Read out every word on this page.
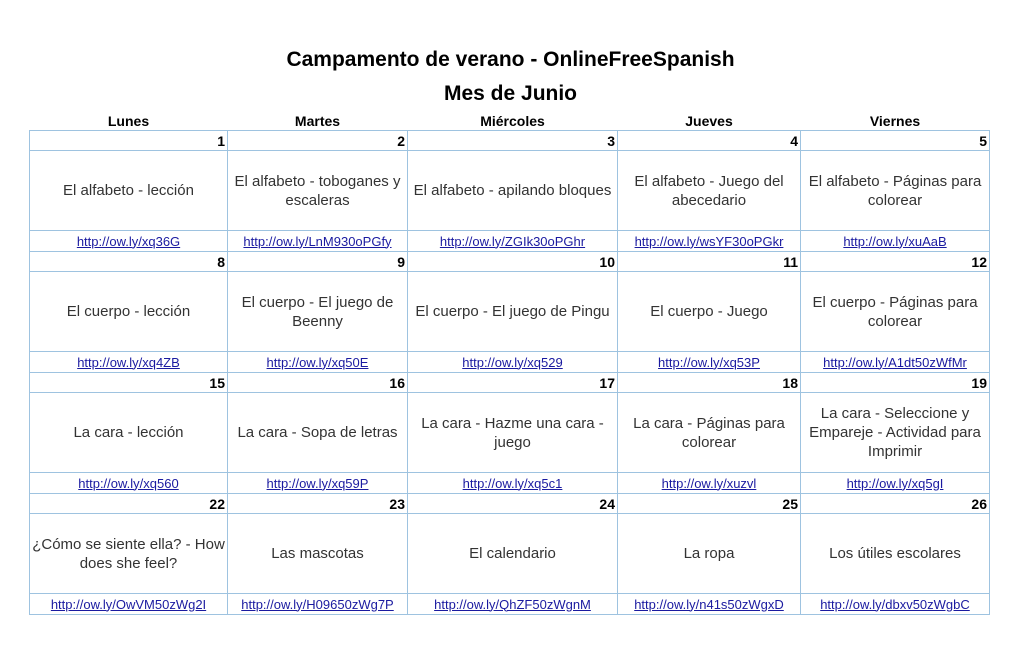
Campamento de verano - OnlineFreeSpanish
Mes de Junio
Lunes	Martes	Miércoles	Jueves	Viernes
1	2	3	4	5
El alfabeto - lección	El alfabeto - toboganes y escaleras	El alfabeto - apilando bloques	El alfabeto - Juego del abecedario	El alfabeto - Páginas para colorear
http://ow.ly/xq36G	http://ow.ly/LnM930oPGfy	http://ow.ly/ZGIk30oPGhr	http://ow.ly/wsYF30oPGkr	http://ow.ly/xuAaB
8	9	10	11	12
El cuerpo - lección	El cuerpo - El juego de Beenny	El cuerpo - El juego de Pingu	El cuerpo - Juego	El cuerpo - Páginas para colorear
http://ow.ly/xq4ZB	http://ow.ly/xq50E	http://ow.ly/xq529	http://ow.ly/xq53P	http://ow.ly/A1dt50zWfMr
15	16	17	18	19
La cara - lección	La cara - Sopa de letras	La cara - Hazme una cara - juego	La cara - Páginas para colorear	La cara - Seleccione y Empareje - Actividad para Imprimir
http://ow.ly/xq560	http://ow.ly/xq59P	http://ow.ly/xq5c1	http://ow.ly/xuzvl	http://ow.ly/xq5gI
22	23	24	25	26
¿Cómo se siente ella? - How does she feel?	Las mascotas	El calendario	La ropa	Los útiles escolares
http://ow.ly/OwVM50zWg2I	http://ow.ly/H09650zWg7P	http://ow.ly/QhZF50zWgnM	http://ow.ly/n41s50zWgxD	http://ow.ly/dbxv50zWgbC
